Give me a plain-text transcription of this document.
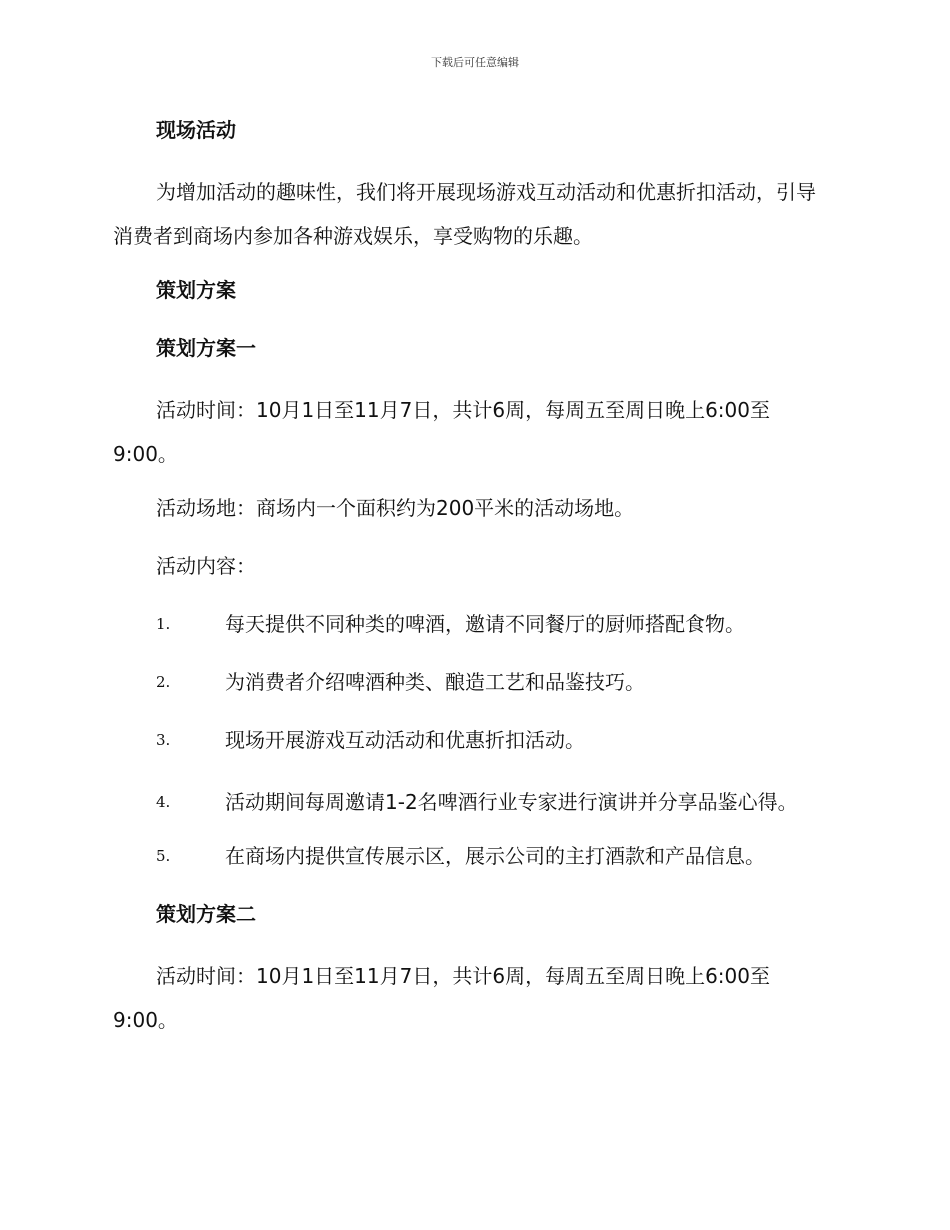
下载后可任意编辑
现场活动
为增加活动的趣味性，我们将开展现场游戏互动活动和优惠折扣活动，引导消费者到商场内参加各种游戏娱乐，享受购物的乐趣。
策划方案
策划方案一
活动时间：10月1日至11月7日，共计6周，每周五至周日晚上6:00至9:00。
活动场地：商场内一个面积约为200平米的活动场地。
活动内容：
1.	每天提供不同种类的啤酒，邀请不同餐厅的厨师搭配食物。
2.	为消费者介绍啤酒种类、酿造工艺和品鉴技巧。
3.	现场开展游戏互动活动和优惠折扣活动。
4.	活动期间每周邀请1-2名啤酒行业专家进行演讲并分享品鉴心得。
5.	在商场内提供宣传展示区，展示公司的主打酒款和产品信息。
策划方案二
活动时间：10月1日至11月7日，共计6周，每周五至周日晚上6:00至9:00。
